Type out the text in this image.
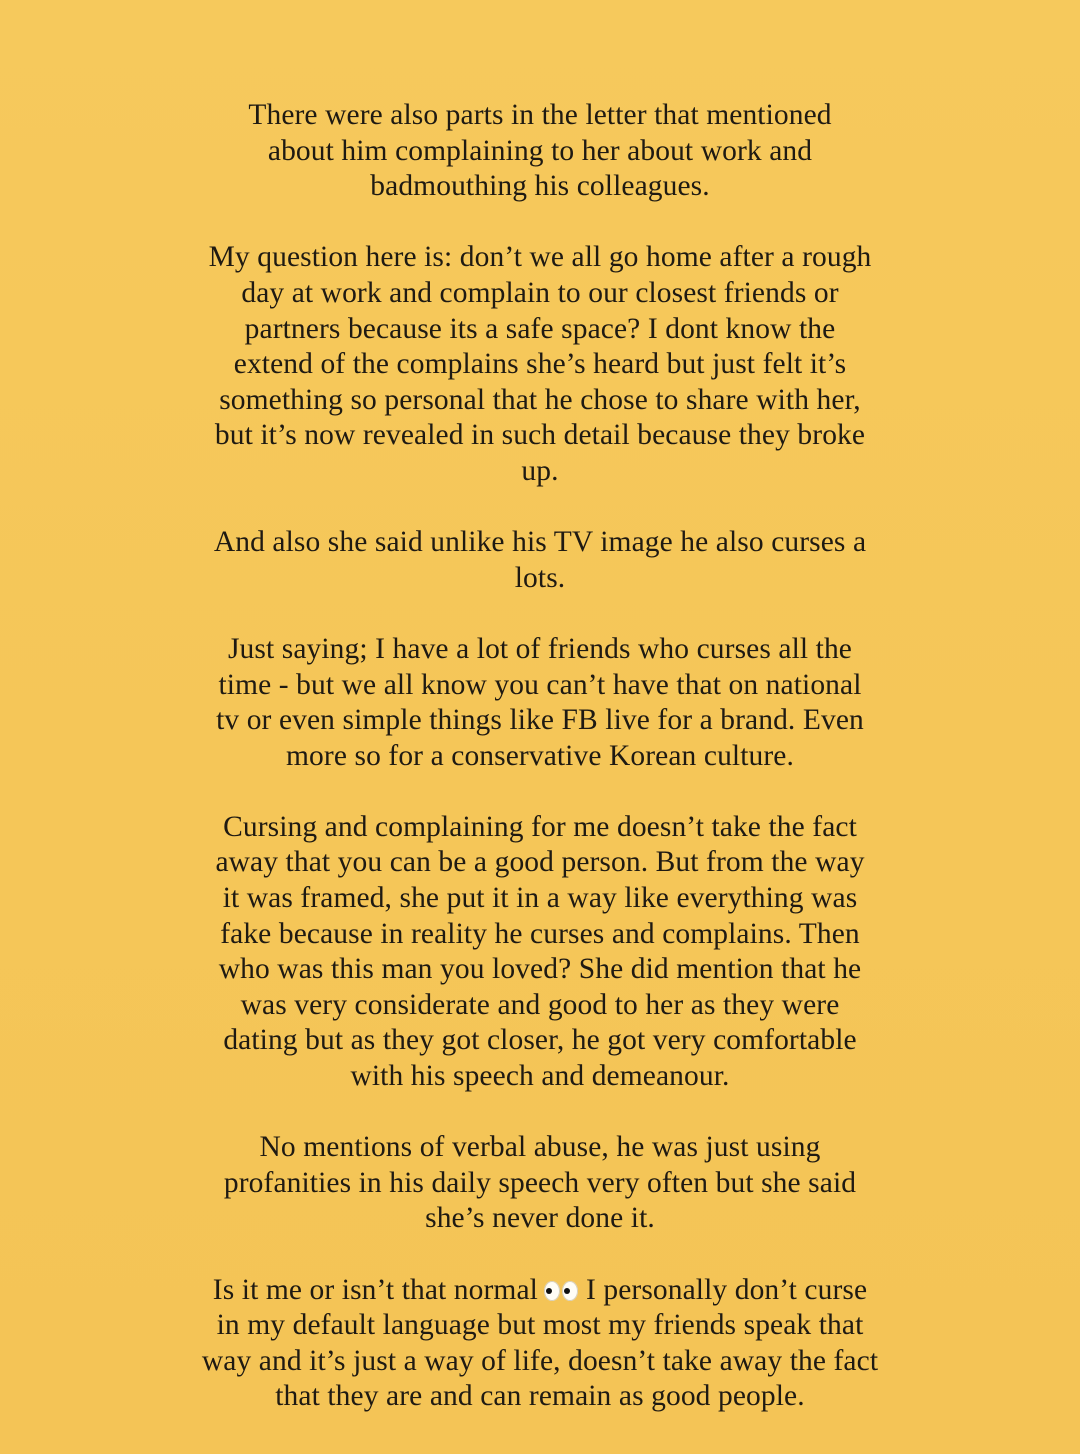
There were also parts in the letter that mentioned
about him complaining to her about work and
badmouthing his colleagues.

My question here is: don’t we all go home after a rough
day at work and complain to our closest friends or
partners because its a safe space? I dont know the
extend of the complains she’s heard but just felt it’s
something so personal that he chose to share with her,
but it’s now revealed in such detail because they broke
up.

And also she said unlike his TV image he also curses a
lots.

Just saying; I have a lot of friends who curses all the
time - but we all know you can’t have that on national
tv or even simple things like FB live for a brand. Even
more so for a conservative Korean culture.

Cursing and complaining for me doesn’t take the fact
away that you can be a good person. But from the way
it was framed, she put it in a way like everything was
fake because in reality he curses and complains. Then
who was this man you loved? She did mention that he
was very considerate and good to her as they were
dating but as they got closer, he got very comfortable
with his speech and demeanour.

No mentions of verbal abuse, he was just using
profanities in his daily speech very often but she said
she’s never done it.

Is it me or isn’t that normal I personally don’t curse
in my default language but most my friends speak that
way and it’s just a way of life, doesn’t take away the fact
that they are and can remain as good people.
